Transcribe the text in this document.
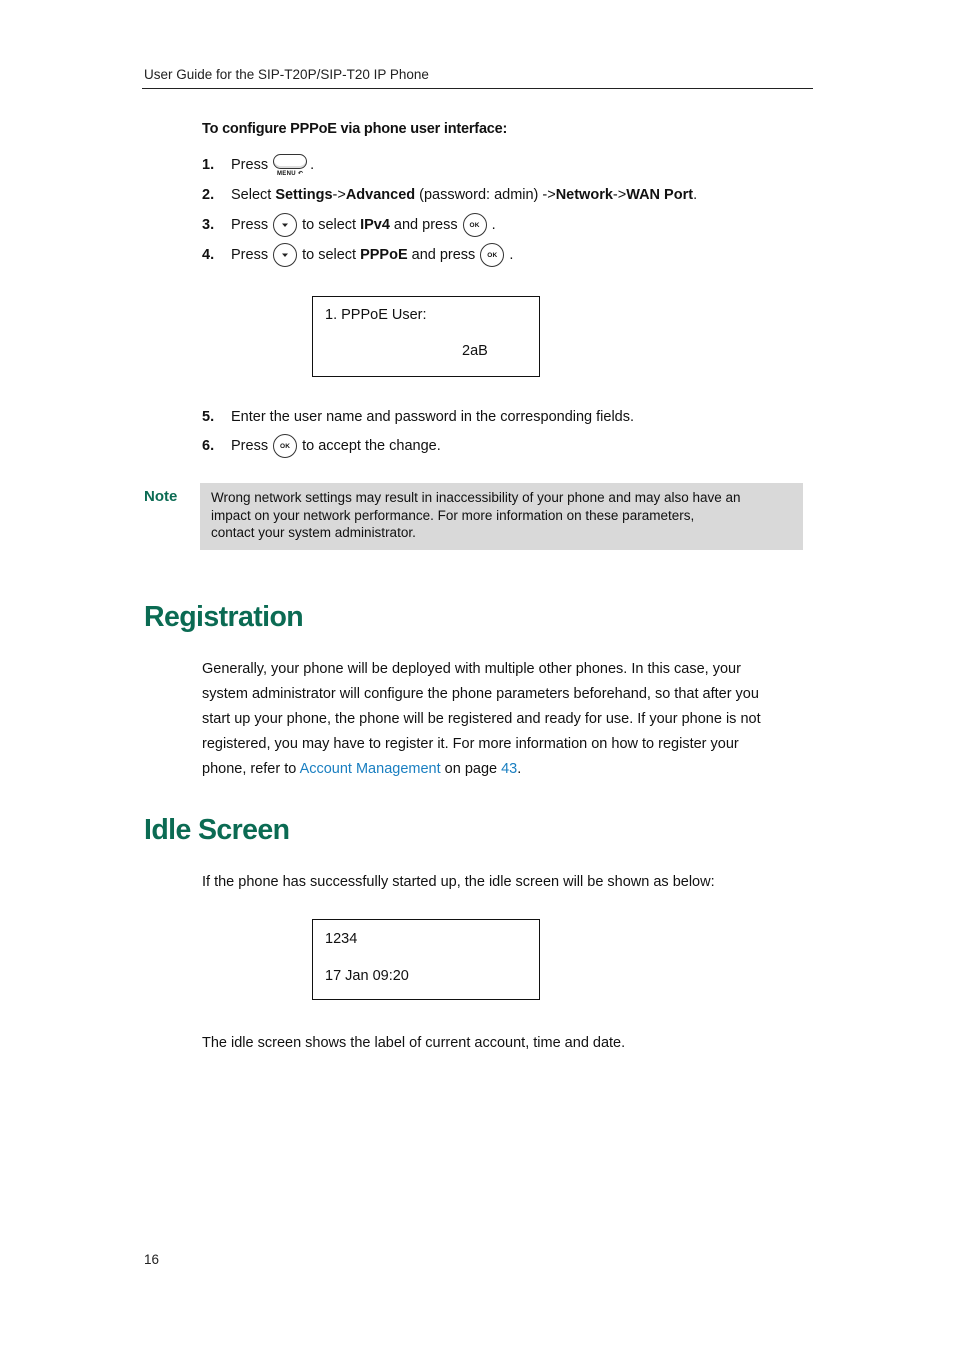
User Guide for the SIP-T20P/SIP-T20 IP Phone
To configure PPPoE via phone user interface:
1.	Press
MENU ↶
.
2.	Select Settings -> Advanced (password: admin) -> Network -> WAN Port .
3.	Press to select IPv4 and press OK .
4.	Press to select PPPoE and press OK .
1. PPPoE User:
2aB
5.	Enter the user name and password in the corresponding fields.
6.	Press OK to accept the change.
Note Wrong network settings may result in inaccessibility of your phone and may also have an
impact on your network performance. For more information on these parameters,
contact your system administrator.
Registration
Generally, your phone will be deployed with multiple other phones. In this case, your
system administrator will configure the phone parameters beforehand, so that after you
start up your phone, the phone will be registered and ready for use. If your phone is not
registered, you may have to register it. For more information on how to register your
phone, refer to Account Management on page 43.
Idle Screen
If the phone has successfully started up, the idle screen will be shown as below:
1234
17 Jan 09:20
The idle screen shows the label of current account, time and date.
16
